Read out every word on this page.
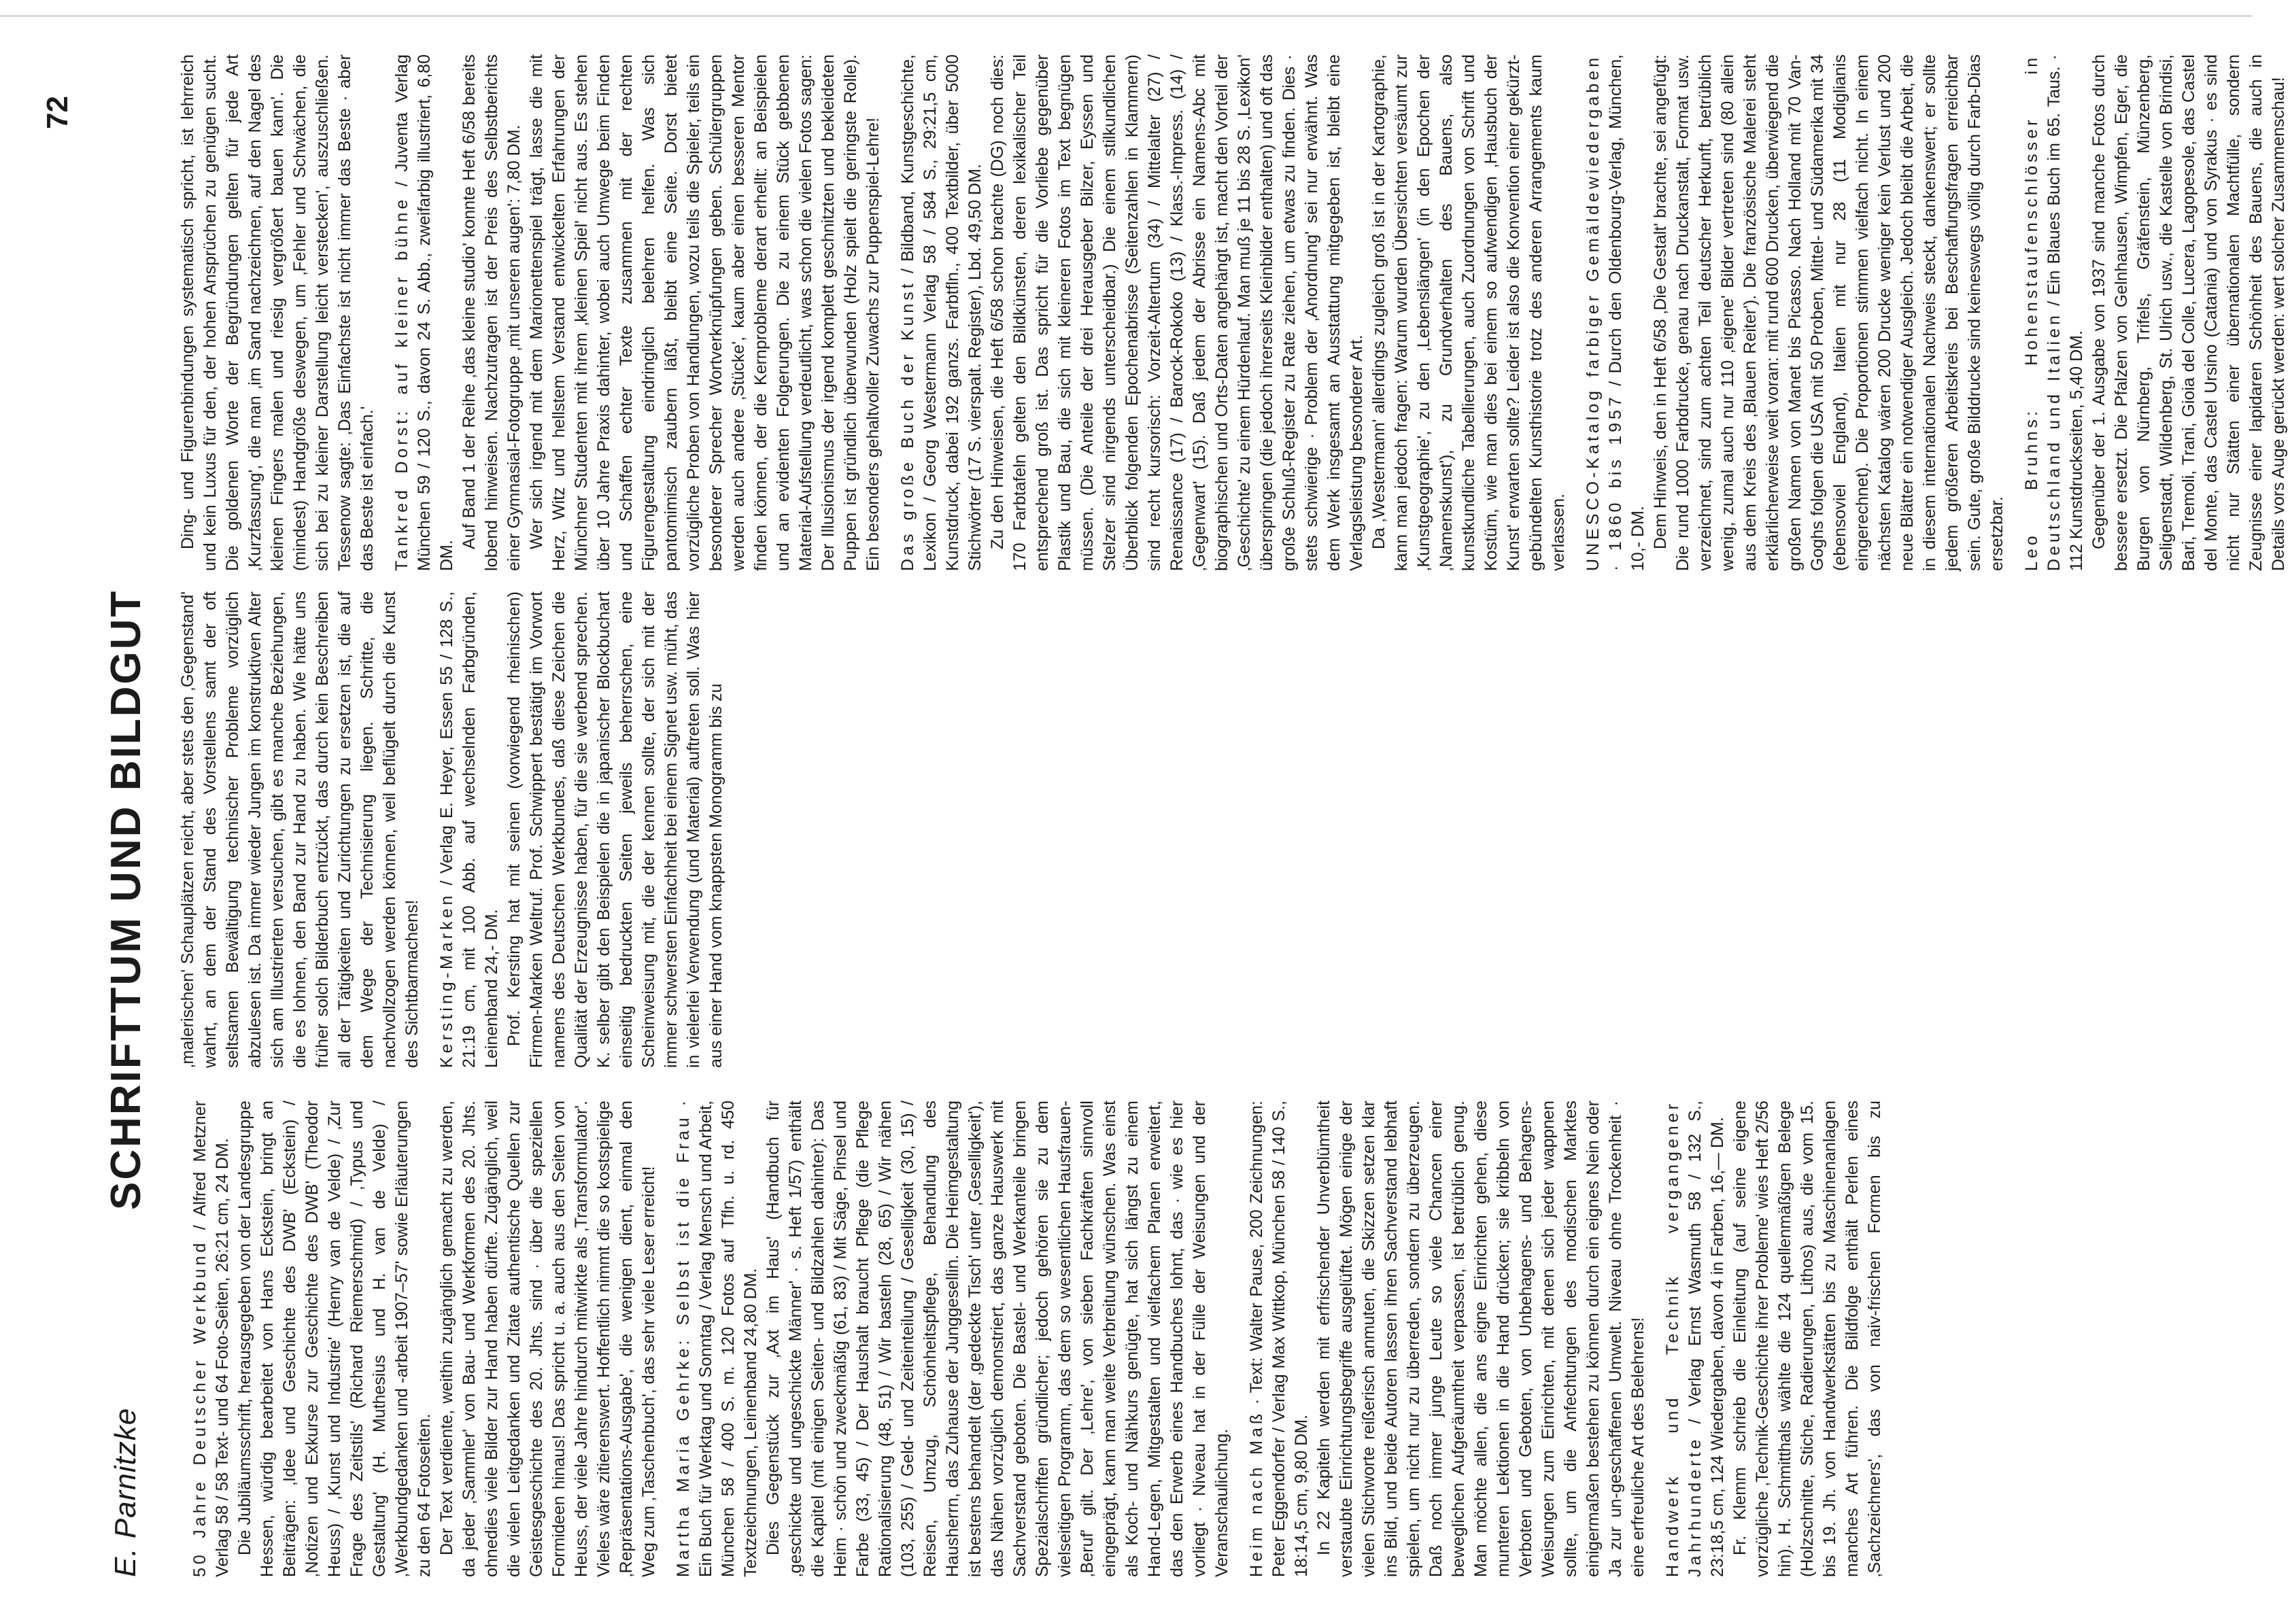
72
E. Parnitzke
SCHRIFTTUM UND BILDGUT

50 Jahre Deutscher Werkbund / Alfred Metzner Verlag 58 / 58 Text- und 64 Foto-Seiten, 26:21 cm, 24 DM. Die Jubiläumsschrift, herausgegeben von der Landesgruppe Hessen, würdig bearbeitet von Hans Eckstein, bringt an Beiträgen: ‚Idee und Geschichte des DWB' (Eckstein) / ‚Notizen und Exkurse zur Geschichte des DWB' (Theodor Heuss) / ‚Kunst und Industrie' (Henry van de Velde) / ‚Zur Frage des Zeitstils' (Richard Riemerschmid) / ‚Typus und Gestaltung' (H. Muthesius und H. van de Velde) / ‚Werkbundgedanken und -arbeit 1907–57' sowie Erläuterungen zu den 64 Fotoseiten. Der Text verdiente, weithin zugänglich gemacht zu werden, da jeder ‚Sammler' von Bau- und Werkformen des 20. Jhts. ohnedies viele Bilder zur Hand haben dürfte. Zugänglich, weil die vielen Leitgedanken und Zitate authentische Quellen zur Geistesgeschichte des 20. Jhts. sind · über die speziellen Formideen hinaus! Das spricht u. a. auch aus den Seiten von Heuss, der viele Jahre hindurch mitwirkte als ‚Transformulator'. Vieles wäre zitierenswert. Hoffentlich nimmt die so kostspielige ‚Repräsentations-Ausgabe', die wenigen dient, einmal den Weg zum ‚Taschenbuch', das sehr viele Leser erreicht! Martha Maria Gehrke: Selbst ist die Frau · Ein Buch für Werktag und Sonntag / Verlag Mensch und Arbeit, München 58 / 400 S. m. 120 Fotos auf Tfln. u. rd. 450 Textzeichnungen, Leinenband 24,80 DM. Dies Gegenstück zur ‚Axt im Haus' (Handbuch für ‚geschickte und ungeschickte Männer' · s. Heft 1/57) enthält die Kapitel (mit einigen Seiten- und Bildzahlen dahinter): Das Heim · schön und zweckmäßig (61, 83) / Mit Säge, Pinsel und Farbe (33, 45) / Der Haushalt braucht Pflege (die Pflege Rationalisierung (48, 51) / Wir basteln (28, 65) / Wir nähen (103, 255) / Geld- und Zeiteinteilung / Geselligkeit (30, 15) / Reisen, Umzug, Schönheitspflege, Behandlung des Hausherrn, das Zuhause der Junggesellin. Die Heimgestaltung ist bestens behandelt (der ‚gedeckte Tisch' unter ‚Geselligkeit'), das Nähen vorzüglich demonstriert, das ganze Hauswerk mit Sachverstand geboten. Die Bastel- und Werkanteile bringen Spezialschriften gründlicher; jedoch gehören sie zu dem vielseitigen Programm, das dem so wesentlichen Hausfrauen-‚Beruf' gilt. Der ‚Lehre', von sieben Fachkräften sinnvoll eingeprägt, kann man weite Verbreitung wünschen. Was einst als Koch- und Nähkurs genügte, hat sich längst zu einem Hand-Legen, Mitgestalten und vielfachem Planen erweitert, das den Erwerb eines Handbuches lohnt, das · wie es hier vorliegt · Niveau hat in der Fülle der Weisungen und der Veranschaulichung. Heim nach Maß · Text: Walter Pause, 200 Zeichnungen: Peter Eggendorfer / Verlag Max Wittkop, München 58 / 140 S., 18:14,5 cm, 9,80 DM. In 22 Kapiteln werden mit erfrischender Unverblümtheit verstaubte Einrichtungsbegriffe ausgelüftet. Mögen einige der vielen Stichworte reißerisch anmuten, die Skizzen setzen klar ins Bild, und beide Autoren lassen ihren Sachverstand lebhaft spielen, um nicht nur zu überreden, sondern zu überzeugen. Daß noch immer junge Leute so viele Chancen einer beweglichen Aufgeräumtheit verpassen, ist betrüblich genug. Man möchte allen, die ans eigne Einrichten gehen, diese munteren Lektionen in die Hand drücken; sie kribbeln von Verboten und Geboten, von Unbehagens- und Behagens-Weisungen zum Einrichten, mit denen sich jeder wappnen sollte, um die Anfechtungen des modischen Marktes einigermaßen bestehen zu können durch ein eignes Nein oder Ja zur un-geschaffenen Umwelt. Niveau ohne Trockenheit · eine erfreuliche Art des Belehrens! Handwerk und Technik vergangener Jahrhunderte / Verlag Ernst Wasmuth 58 / 132 S., 23:18,5 cm, 124 Wiedergaben, davon 4 in Farben, 16,— DM. Fr. Klemm schrieb die Einleitung (auf seine eigene vorzügliche ‚Technik-Geschichte ihrer Probleme' wies Heft 2/56 hin). H. Schmitthals wählte die 124 quellenmäßigen Belege (Holzschnitte, Stiche, Radierungen, Lithos) aus, die vom 15. bis 19. Jh. von Handwerkstätten bis zu Maschinenanlagen manches Art führen. Die Bildfolge enthält Perlen eines ‚Sachzeichners', das von naiv-frischen Formen bis zu ‚malerischen' Schauplätzen reicht, aber stets den ‚Gegenstand' wahrt, an dem der Stand des Vorstellens samt der oft seltsamen Bewältigung technischer Probleme vorzüglich abzulesen ist. Da immer wieder Jungen im konstruktiven Alter sich am Illustrierten versuchen, gibt es manche Beziehungen, die es lohnen, den Band zur Hand zu haben. Wie hätte uns früher solch Bilderbuch entzückt, das durch kein Beschreiben all der Tätigkeiten und Zurichtungen zu ersetzen ist, die auf dem Wege der Technisierung liegen. Schritte, die nachvollzogen werden können, weil beflügelt durch die Kunst des Sichtbarmachens! Kersting-Marken / Verlag E. Heyer, Essen 55 / 128 S., 21:19 cm, mit 100 Abb. auf wechselnden Farbgründen, Leinenband 24,- DM. Prof. Kersting hat mit seinen (vorwiegend rheinischen) Firmen-Marken Weltruf. Prof. Schwippert bestätigt im Vorwort namens des Deutschen Werkbundes, daß diese Zeichen die Qualität der Erzeugnisse haben, für die sie werbend sprechen. K. selber gibt den Beispielen die in japanischer Blockbuchart einseitig bedruckten Seiten jeweils beherrschen, eine Scheinweisung mit, die der kennen sollte, der sich mit der immer schwersten Einfachheit bei einem Signet usw. müht, das in vielerlei Verwendung (und Material) auftreten soll. Was hier aus einer Hand vom knappsten Monogramm bis zu

Ding- und Figurenbindungen systematisch spricht, ist lehrreich und kein Luxus für den, der hohen Ansprüchen zu genügen sucht. Die goldenen Worte der Begründungen gelten für jede Art ‚Kurzfassung', die man ‚im Sand nachzeichnen, auf den Nagel des kleinen Fingers malen und riesig vergrößert bauen kann'. Die (mindest) Handgröße deswegen, um ‚Fehler und Schwächen, die sich bei zu kleiner Darstellung leicht verstecken', auszuschließen. Tessenow sagte: ‚Das Einfachste ist nicht immer das Beste · aber das Beste ist einfach.' Tankred Dorst: auf kleiner bühne / Juventa Verlag München 59 / 120 S., davon 24 S. Abb., zweifarbig illustriert, 6,80 DM.

Auf Band 1 der Reihe ‚das kleine studio' konnte Heft 6/58 bereits lobend hinweisen. Nachzutragen ist der Preis des Selbstberichts einer Gymnasial-Fotogruppe ‚mit unseren augen': 7,80 DM. Wer sich irgend mit dem Marionettenspiel trägt, lasse die mit Herz, Witz und hellstem Verstand entwickelten Erfahrungen der Münchner Studenten mit ihrem ‚kleinen Spiel' nicht aus. Es stehen über 10 Jahre Praxis dahinter, wobei auch Umwege beim Finden und Schaffen echter Texte zusammen mit der rechten Figurengestaltung eindringlich belehren helfen. Was sich pantomimisch zaubern läßt, bleibt eine Seite. Dorst bietet vorzügliche Proben von Handlungen, wozu teils die Spieler, teils ein besonderer Sprecher Wortverknüpfungen geben. Schülergruppen werden auch andere ‚Stücke', kaum aber einen besseren Mentor finden können, der die Kernprobleme derart erhellt: an Beispielen und an evidenten Folgerungen. Die zu einem Stück gebbenen Material-Aufstellung verdeutlicht, was schon die vielen Fotos sagen: Der Illusionismus der irgend komplett geschnitzten und bekleideten Puppen ist gründlich überwunden (Holz spielt die geringste Rolle). Ein besonders gehaltvoller Zuwachs zur Puppenspiel-Lehre! Das große Buch der Kunst / Bildband, Kunstgeschichte, Lexikon / Georg Westermann Verlag 58 / 584 S., 29:21,5 cm, Kunstdruck, dabei 192 ganzs. Farbtfln., 400 Textbilder, über 5000 Stichwörter (17 S. vierspalt. Register), Lbd. 49,50 DM. Zu den Hinweisen, die Heft 6/58 schon brachte (DG) noch dies: 170 Farbtafeln gelten den Bildkünsten, deren lexikalischer Teil entsprechend groß ist. Das spricht für die Vorliebe gegenüber Plastik und Bau, die sich mit kleineren Fotos im Text begnügen müssen. (Die Anteile der drei Herausgeber Bilzer, Eyssen und Stelzer sind nirgends unterscheidbar.) Die einem stilkundlichen Überblick folgenden Epochenabrisse (Seitenzahlen in Klammern) sind recht kursorisch: Vorzeit-Altertum (34) / Mittelalter (27) / Renaissance (17) / Barock-Rokoko (13) / Klass.-Impress. (14) / ‚Gegenwart' (15). Daß jedem der Abrisse ein Namens-Abc mit biographischen und Orts-Daten angehängt ist, macht den Vorteil der ‚Geschichte' zu einem Hürdenlauf. Man muß je 11 bis 28 S. ‚Lexikon' überspringen (die jedoch ihrerseits Kleinbilder enthalten) und oft das große Schluß-Register zu Rate ziehen, um etwas zu finden. Dies · stets schwierige · Problem der ‚Anordnung' sei nur erwähnt. Was dem Werk insgesamt an Ausstattung mitgegeben ist, bleibt eine Verlagsleistung besonderer Art. Da ‚Westermann' allerdings zugleich groß ist in der Kartographie, kann man jedoch fragen: Warum wurden Übersichten versäumt zur ‚Kunstgeographie', zu den ‚Lebenslängen' (in den Epochen der ‚Namenskunst'), zu Grundverhalten des Bauens, also kunstkundliche Tabellierungen, auch Zuordnungen von Schrift und Kostüm, wie man dies bei einem so aufwendigen ‚Hausbuch der Kunst' erwarten sollte? Leider ist also die Konvention einer gekürzt-gebündelten Kunsthistorie trotz des anderen Arrangements kaum verlassen. UNESCO-Katalog farbiger Gemäldewiedergaben · 1860 bis 1957 / Durch den Oldenbourg-Verlag, München, 10,- DM. Dem Hinweis, den in Heft 6/58 ‚Die Gestalt' brachte, sei angefügt: Die rund 1000 Farbdrucke, genau nach Druckanstalt, Format usw. verzeichnet, sind zum achten Teil deutscher Herkunft, betrüblich wenig, zumal auch nur 110 ‚eigene' Bilder vertreten sind (80 allein aus dem Kreis des ‚Blauen Reiter'). Die französische Malerei steht erklärlicherweise weit voran: mit rund 600 Drucken, überwiegend die großen Namen von Manet bis Picasso. Nach Holland mit 70 Van-Goghs folgen die USA mit 50 Proben, Mittel- und Südamerika mit 34 (ebensoviel England), Italien mit nur 28 (11 Modiglianis eingerechnet). Die Proportionen stimmen vielfach nicht. In einem nächsten Katalog wären 200 Drucke weniger kein Verlust und 200 neue Blätter ein notwendiger Ausgleich. Jedoch bleibt die Arbeit, die in diesem internationalen Nachweis steckt, dankenswert; er sollte jedem größeren Arbeitskreis bei Beschaffungsfragen erreichbar sein. Gute, große Bilddrucke sind keineswegs völlig durch Farb-Dias ersetzbar. Leo Bruhns: Hohenstaufenschlösser in Deutschland und Italien / Ein Blaues Buch im 65. Taus. · 112 Kunstdruckseiten, 5,40 DM. Gegenüber der 1. Ausgabe von 1937 sind manche Fotos durch bessere ersetzt. Die Pfalzen von Gelnhausen, Wimpfen, Eger, die Burgen von Nürnberg, Trifels, Gräfenstein, Münzenberg, Seligenstadt, Wildenberg, St. Ulrich usw., die Kastelle von Brindisi, Bari, Tremoli, Trani, Gioia del Colle, Lucera, Lagopesole, das Castel del Monte, das Castel Ursino (Catania) und von Syrakus · es sind nicht nur Stätten einer übernationalen Machtfülle, sondern Zeugnisse einer lapidaren Schönheit des Bauens, die auch in Details vors Auge gerückt werden: wert solcher Zusammenschau!
